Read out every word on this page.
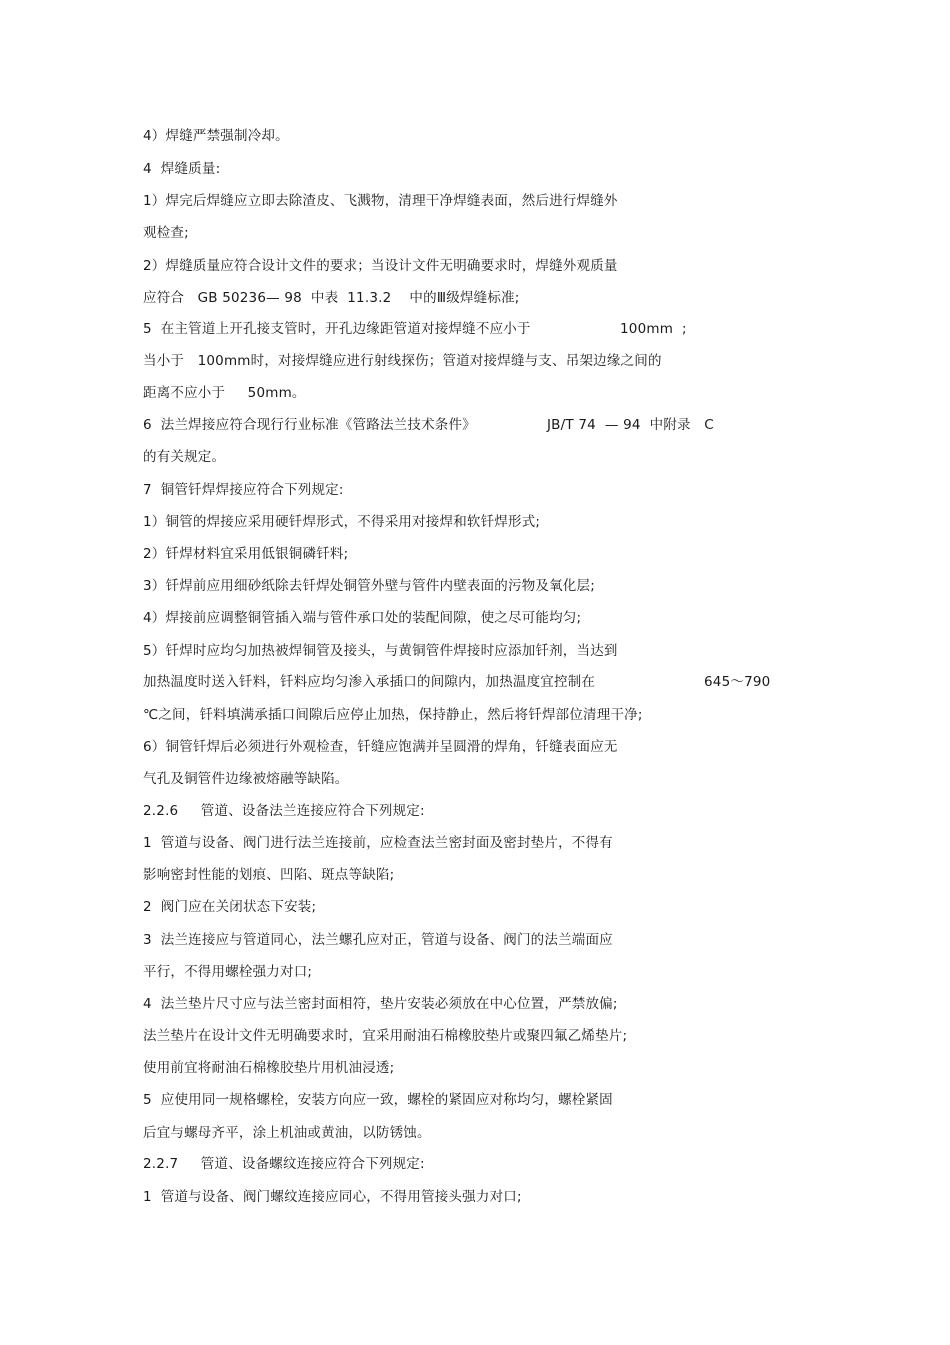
4）焊缝严禁强制冷却。
4  焊缝质量:
1）焊完后焊缝应立即去除渣皮、飞溅物，清理干净焊缝表面，然后进行焊缝外
观检查;
2）焊缝质量应符合设计文件的要求；当设计文件无明确要求时，焊缝外观质量
应符合   GB 50236— 98  中表  11.3.2    中的Ⅲ级焊缝标准;

5  在主管道上开孔接支管时，开孔边缘距管道对接焊缝不应小于

	100mm  ;

当小于   100mm时，对接焊缝应进行射线探伤；管道对接焊缝与支、吊架边缘之间的
距离不应小于     50mm。

6  法兰焊接应符合现行行业标准《管路法兰技术条件》

	JB/T 74  — 94  中附录   C

的有关规定。
7  铜管钎焊焊接应符合下列规定:
1）铜管的焊接应采用硬钎焊形式，不得采用对接焊和软钎焊形式;
2）钎焊材料宜采用低银铜磷钎料;
3）钎焊前应用细砂纸除去钎焊处铜管外壁与管件内壁表面的污物及氧化层;
4）焊接前应调整铜管插入端与管件承口处的装配间隙，使之尽可能均匀;
5）钎焊时应均匀加热被焊铜管及接头，与黄铜管件焊接时应添加钎剂，当达到

加热温度时送入钎料，钎料应均匀渗入承插口的间隙内，加热温度宜控制在

	645～790

℃之间，钎料填满承插口间隙后应停止加热，保持静止，然后将钎焊部位清理干净;
6）铜管钎焊后必须进行外观检查，钎缝应饱满并呈圆滑的焊角，钎缝表面应无
气孔及铜管件边缘被熔融等缺陷。
2.2.6     管道、设备法兰连接应符合下列规定:
1  管道与设备、阀门进行法兰连接前，应检查法兰密封面及密封垫片，不得有
影响密封性能的划痕、凹陷、斑点等缺陷;
2  阀门应在关闭状态下安装;
3  法兰连接应与管道同心，法兰螺孔应对正，管道与设备、阀门的法兰端面应
平行，不得用螺栓强力对口;
4  法兰垫片尺寸应与法兰密封面相符，垫片安装必须放在中心位置，严禁放偏;
法兰垫片在设计文件无明确要求时，宜采用耐油石棉橡胶垫片或聚四氟乙烯垫片;
使用前宜将耐油石棉橡胶垫片用机油浸透;
5  应使用同一规格螺栓，安装方向应一致，螺栓的紧固应对称均匀，螺栓紧固
后宜与螺母齐平，涂上机油或黄油，以防锈蚀。
2.2.7     管道、设备螺纹连接应符合下列规定:
1  管道与设备、阀门螺纹连接应同心，不得用管接头强力对口;
